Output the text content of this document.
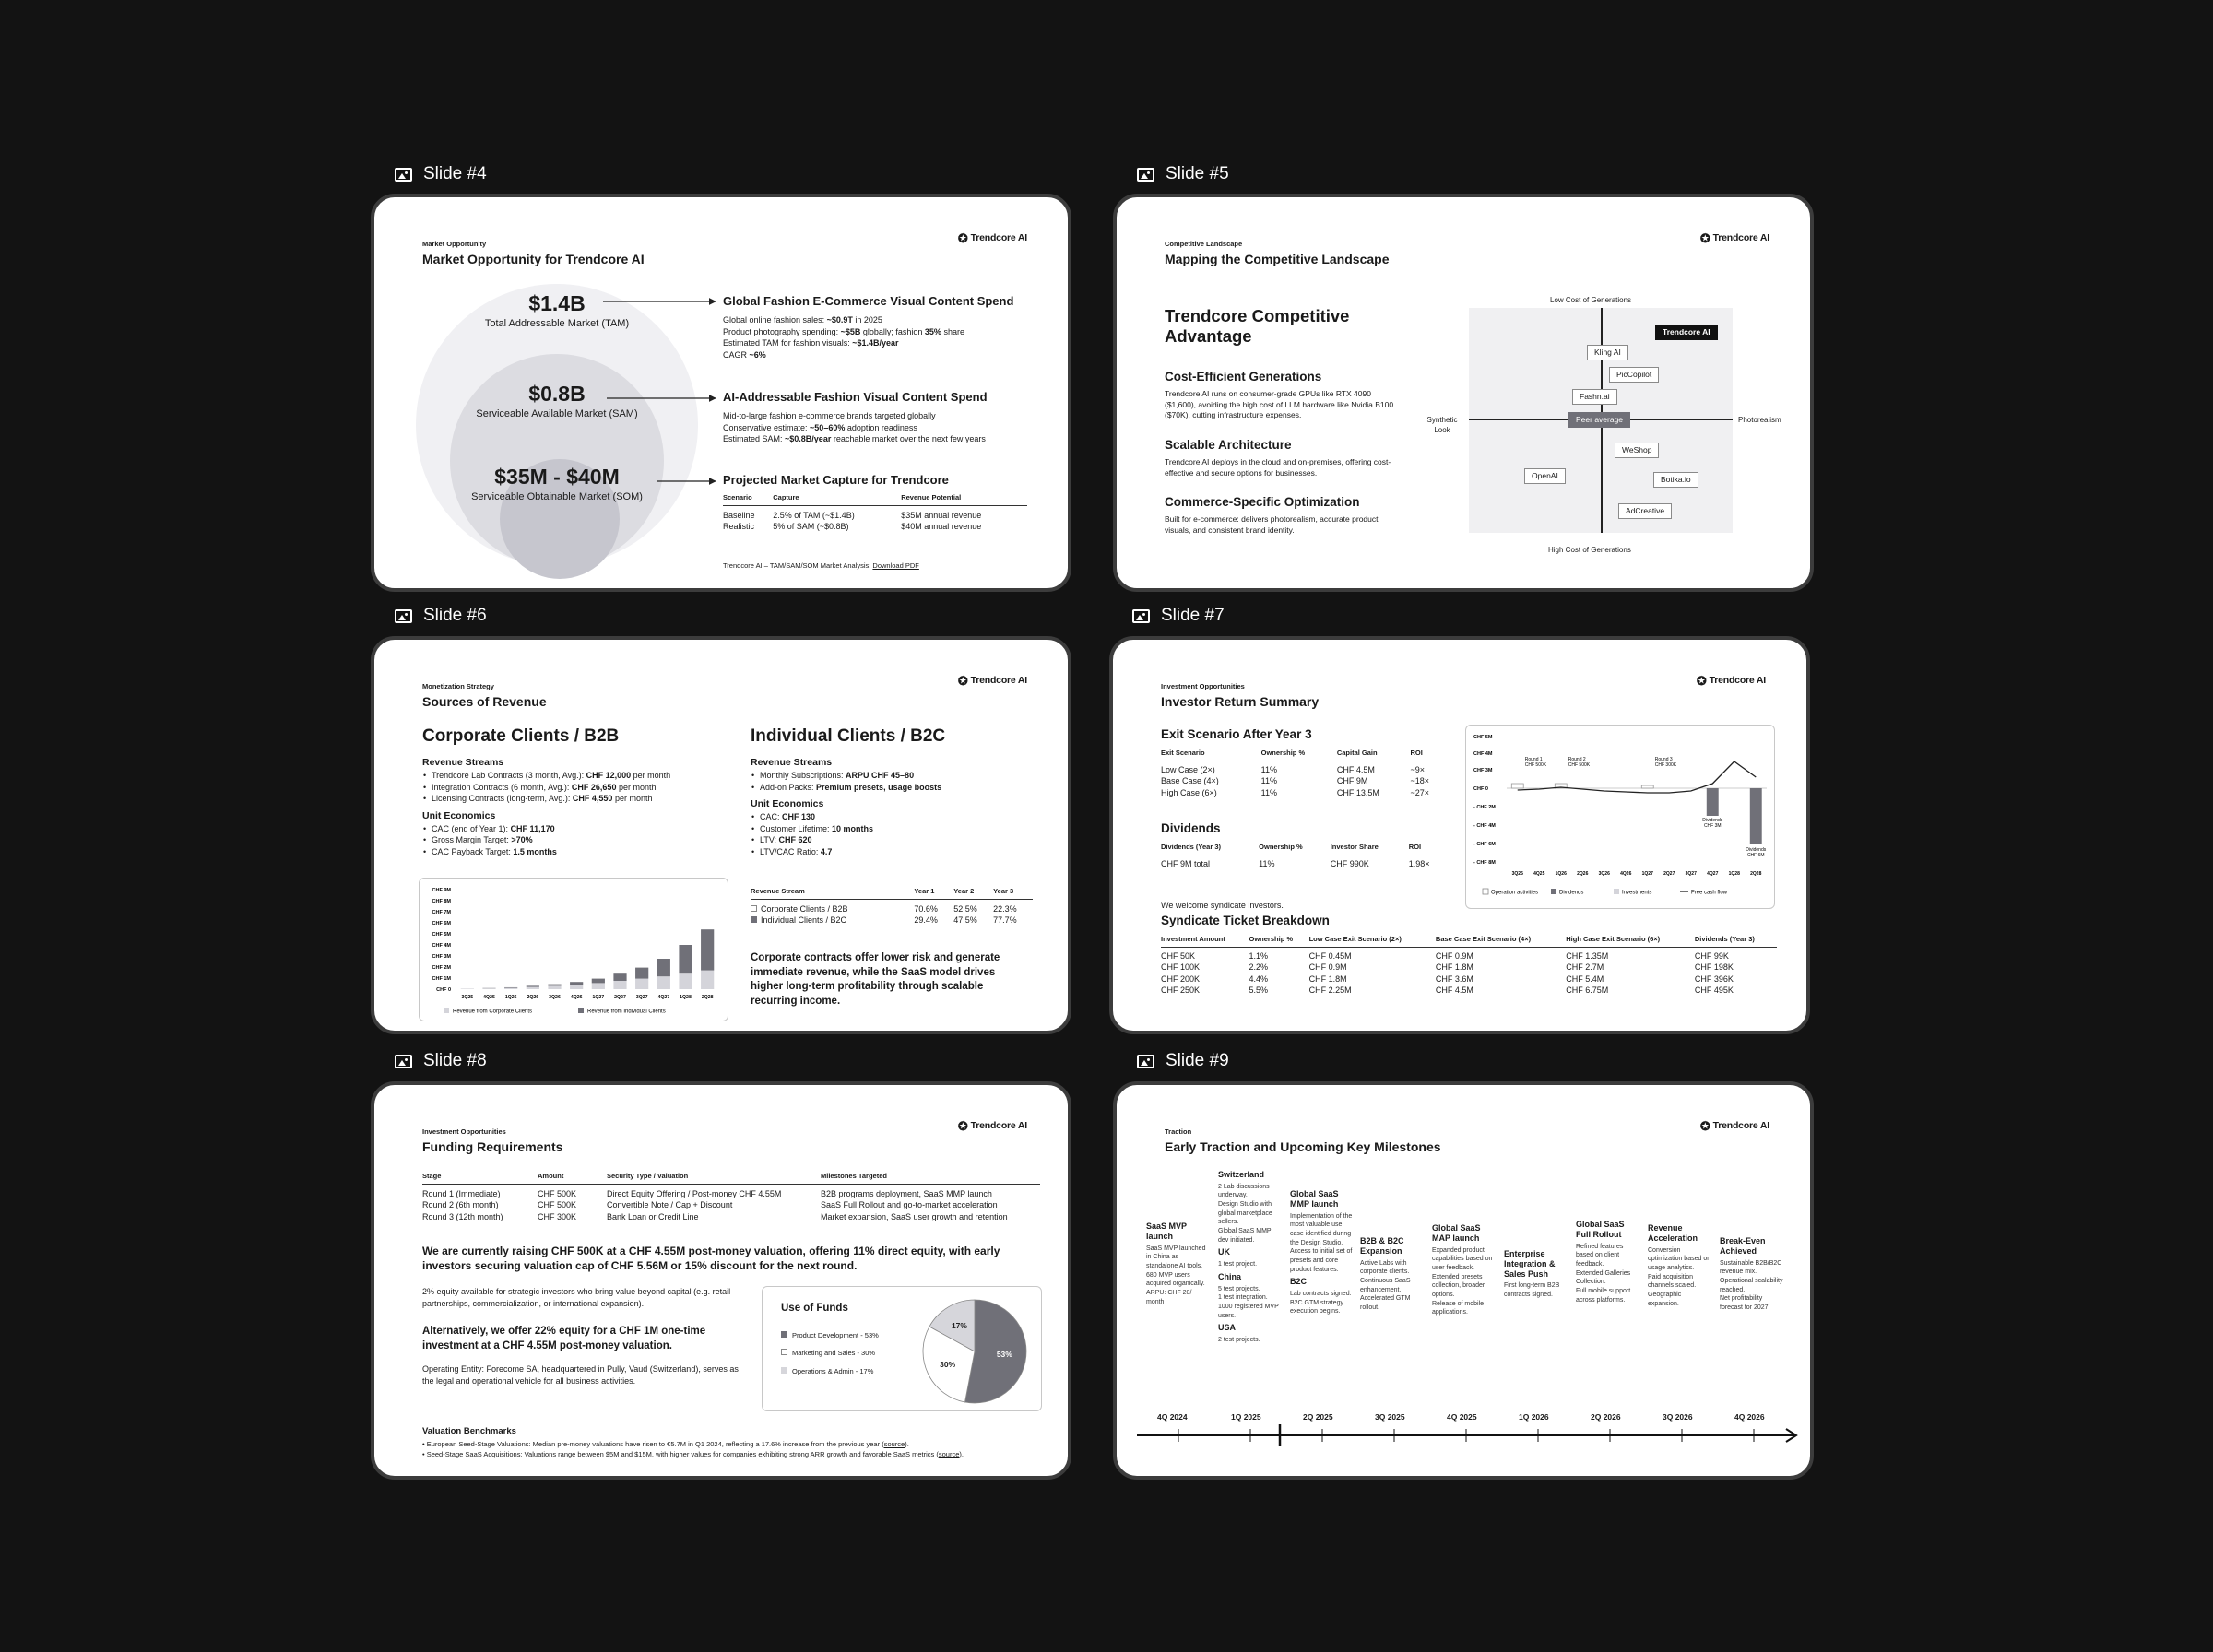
Slide #4	Slide #5
Slide #6	Slide #7
Slide #8	Slide #9
Market Opportunity
Market Opportunity for Trendcore AI
✪ Trendcore AI
$1.4B
Total Addressable Market (TAM)
$0.8B
Serviceable Available Market (SAM)
$35M - $40M
Serviceable Obtainable Market (SOM)
Global Fashion E-Commerce Visual Content Spend
Global online fashion sales: ~$0.9T in 2025
Product photography spending: ~$5B globally; fashion 35% share
Estimated TAM for fashion visuals: ~$1.4B/year
CAGR ~6%
AI-Addressable Fashion Visual Content Spend
Mid-to-large fashion e-commerce brands targeted globally
Conservative estimate: ~50–60% adoption readiness
Estimated SAM: ~$0.8B/year reachable market over the next few years
Projected Market Capture for Trendcore
Scenario	Capture	Revenue Potential
Baseline	2.5% of TAM (~$1.4B)	$35M annual revenue
Realistic	5% of SAM (~$0.8B)	$40M annual revenue
Trendcore AI – TAM/SAM/SOM Market Analysis: Download PDF
Competitive Landscape
Mapping the Competitive Landscape
✪ Trendcore AI
Trendcore Competitive Advantage
Cost-Efficient Generations
Trendcore AI runs on consumer-grade GPUs like RTX 4090 ($1,600), avoiding the high cost of LLM hardware like Nvidia B100 ($70K), cutting infrastructure expenses.
Scalable Architecture
Trendcore AI deploys in the cloud and on-premises, offering cost-effective and secure options for businesses.
Commerce-Specific Optimization
Built for e-commerce: delivers photorealism, accurate product visuals, and consistent brand identity.
Trendcore AI
Kling AI
PicCopilot
Fashn.ai
Peer average
WeShop
OpenAI	Botika.io
AdCreative
Low Cost of Generations
High Cost of Generations
Synthetic Look
Photorealism
Monetization Strategy
Sources of Revenue
✪ Trendcore AI
Corporate Clients / B2B
Revenue Streams
• Trendcore Lab Contracts (3 month, Avg.): CHF 12,000 per month
• Integration Contracts (6 month, Avg.): CHF 26,650 per month
• Licensing Contracts (long-term, Avg.): CHF 4,550 per month
Unit Economics
• CAC (end of Year 1): CHF 11,170
• Gross Margin Target: >70%
• CAC Payback Target: 1.5 months
CHF 9M
CHF 8M
CHF 7M
CHF 6M
CHF 5M
CHF 4M
CHF 3M
CHF 2M
CHF 1M
CHF 0
3Q25 4Q25 1Q26 2Q26 3Q26 4Q26 1Q27 2Q27 3Q27 4Q27 1Q28 2Q28
Revenue from Corporate Clients	Revenue from Individual Clients
Individual Clients / B2C
Revenue Streams
• Monthly Subscriptions: ARPU CHF 45–80
• Add-on Packs: Premium presets, usage boosts
Unit Economics
• CAC: CHF 130
• Customer Lifetime: 10 months
• LTV: CHF 620
• LTV/CAC Ratio: 4.7
Revenue Stream	Year 1	Year 2	Year 3
Corporate Clients / B2B	70.6%	52.5%	22.3%
Individual Clients / B2C	29.4%	47.5%	77.7%
Corporate contracts offer lower risk and generate immediate revenue, while the SaaS model drives higher long-term profitability through scalable recurring income.
Investment Opportunities
Investor Return Summary
✪ Trendcore AI
Exit Scenario After Year 3
Exit Scenario	Ownership %	Capital Gain	ROI
Low Case (2×)	11%	CHF 4.5M	~9×
Base Case (4×)	11%	CHF 9M	~18×
High Case (6×)	11%	CHF 13.5M	~27×
Dividends
Dividends (Year 3)	Ownership %	Investor Share	ROI
CHF 9M total	11%	CHF 990K	1.98×
CHF 5M
CHF 4M
CHF 3M
CHF 0
- CHF 2M
- CHF 4M
- CHF 6M
- CHF 8M
3Q25 4Q25 1Q26 2Q26 3Q26 4Q26 1Q27 2Q27 3Q27 4Q27 1Q28 2Q28
Round 1 CHF 500K
Round 2 CHF 500K
Round 3 CHF 300K
Dividends CHF 3M
Dividends CHF 6M
Operation activities	Dividends	Investments	Free cash flow
We welcome syndicate investors.
Syndicate Ticket Breakdown
Investment Amount	Ownership %	Low Case Exit Scenario (2×)	Base Case Exit Scenario (4×)	High Case Exit Scenario (6×)	Dividends (Year 3)
CHF 50K	1.1%	CHF 0.45M	CHF 0.9M	CHF 1.35M	CHF 99K
CHF 100K	2.2%	CHF 0.9M	CHF 1.8M	CHF 2.7M	CHF 198K
CHF 200K	4.4%	CHF 1.8M	CHF 3.6M	CHF 5.4M	CHF 396K
CHF 250K	5.5%	CHF 2.25M	CHF 4.5M	CHF 6.75M	CHF 495K
Investment Opportunities
Funding Requirements
✪ Trendcore AI
Stage	Amount	Security Type / Valuation	Milestones Targeted
Round 1 (Immediate)	CHF 500K	Direct Equity Offering / Post-money CHF 4.55M	B2B programs deployment, SaaS MMP launch
Round 2 (6th month)	CHF 500K	Convertible Note / Cap + Discount	SaaS Full Rollout and go-to-market acceleration
Round 3 (12th month)	CHF 300K	Bank Loan or Credit Line	Market expansion, SaaS user growth and retention
We are currently raising CHF 500K at a CHF 4.55M post-money valuation, offering 11% direct equity, with early investors securing valuation cap of CHF 5.56M or 15% discount for the next round.
2% equity available for strategic investors who bring value beyond capital (e.g. retail partnerships, commercialization, or international expansion).
Alternatively, we offer 22% equity for a CHF 1M one-time investment at a CHF 4.55M post-money valuation.
Operating Entity: Forecome SA, headquartered in Pully, Vaud (Switzerland), serves as the legal and operational vehicle for all business activities.
Use of Funds
Product Development - 53%
Marketing and Sales - 30%
Operations & Admin - 17%
53%
30%
17%
Valuation Benchmarks
• European Seed-Stage Valuations: Median pre-money valuations have risen to €5.7M in Q1 2024, reflecting a 17.6% increase from the previous year (source).
• Seed-Stage SaaS Acquisitions: Valuations range between $5M and $15M, with higher values for companies exhibiting strong ARR growth and favorable SaaS metrics (source).
Traction
Early Traction and Upcoming Key Milestones
✪ Trendcore AI
SaaS MVP launch
SaaS MVP launched in China as standalone AI tools.
680 MVP users acquired organically. ARPU: CHF 20/ month
Switzerland
2 Lab discussions underway.
Design Studio with global marketplace sellers.
Global SaaS MMP dev initiated.
UK
1 test project.
China
5 test projects.
1 test integration.
1000 registered MVP users.
USA
2 test projects.
Global SaaS MMP launch
Implementation of the most valuable use case identified during the Design Studio.
Access to initial set of presets and core product features.
B2C
Lab contracts signed.
B2C GTM strategy execution begins.
B2B & B2C Expansion
Active Labs with corporate clients.
Continuous SaaS enhancement.
Accelerated GTM rollout.
Global SaaS MAP launch
Expanded product capabilities based on user feedback.
Extended presets collection, broader options.
Release of mobile applications.
Enterprise Integration & Sales Push
First long-term B2B contracts signed.
Global SaaS Full Rollout
Refined features based on client feedback.
Extended Galleries Collection.
Full mobile support across platforms.
Revenue Acceleration
Conversion optimization based on usage analytics.
Paid acquisition channels scaled.
Geographic expansion.
Break-Even Achieved
Sustainable B2B/B2C revenue mix.
Operational scalability reached.
Net profitability forecast for 2027.
4Q 2024	1Q 2025	2Q 2025	3Q 2025	4Q 2025	1Q 2026	2Q 2026	3Q 2026	4Q 2026
